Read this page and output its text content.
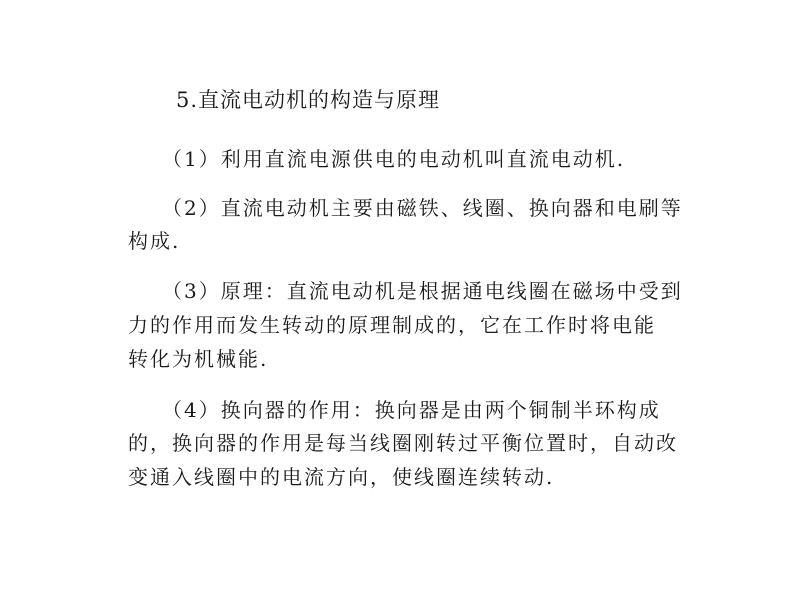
5.直流电动机的构造与原理
（1）利用直流电源供电的电动机叫直流电动机.
（2）直流电动机主要由磁铁、线圈、换向器和电刷等
构成.
（3）原理：直流电动机是根据通电线圈在磁场中受到
力的作用而发生转动的原理制成的，它在工作时将电能
转化为机械能.
（4）换向器的作用：换向器是由两个铜制半环构成
的，换向器的作用是每当线圈刚转过平衡位置时，自动改
变通入线圈中的电流方向，使线圈连续转动.
